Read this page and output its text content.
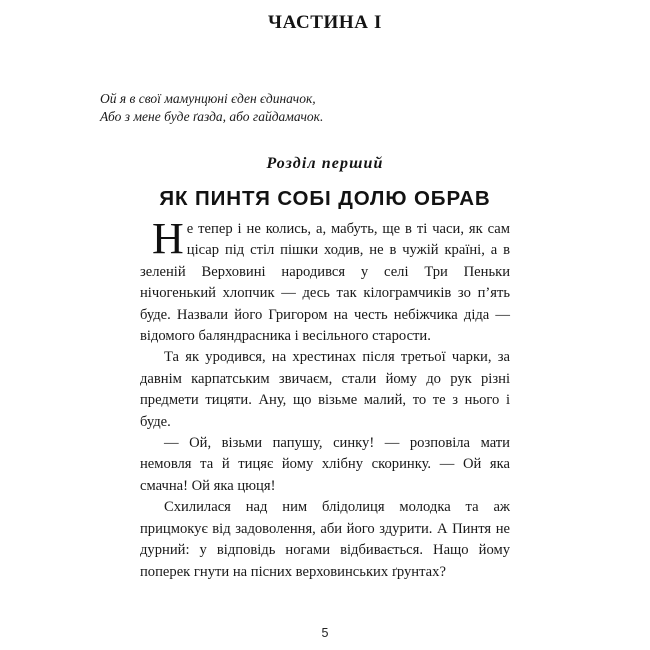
ЧАСТИНА I
Ой я в свої мамунцюні єден єдиначок,
Або з мене буде ґазда, або гайдамачок.
Розділ перший
ЯК ПИНТЯ СОБІ ДОЛЮ ОБРАВ

Не тепер і не колись, а, мабуть, ще в ті часи, як сам цісар під стіл пішки ходив, не в чужій країні, а в зеленій Верховині народився у селі Три Пеньки нічогенький хлопчик — десь так кілограмчиків зо п’ять буде. Назвали його Григором на честь небіжчика діда — відомого баляндрасника і весільного старости.

Та як уродився, на хрестинах після третьої чарки, за давнім карпатським звичаєм, стали йому до рук різні предмети тицяти. Ану, що візьме малий, то те з нього і буде.

— Ой, візьми папушу, синку! — розповіла мати немовля та й тицяє йому хлібну скоринку. — Ой яка смачна! Ой яка цюця!

Схилилася над ним блідолиця молодка та аж прицмокує від задоволення, аби його здурити. А Пинтя не дурний: у відповідь ногами відбивається. Нащо йому поперек гнути на пісних верховинських ґрунтах?

5
